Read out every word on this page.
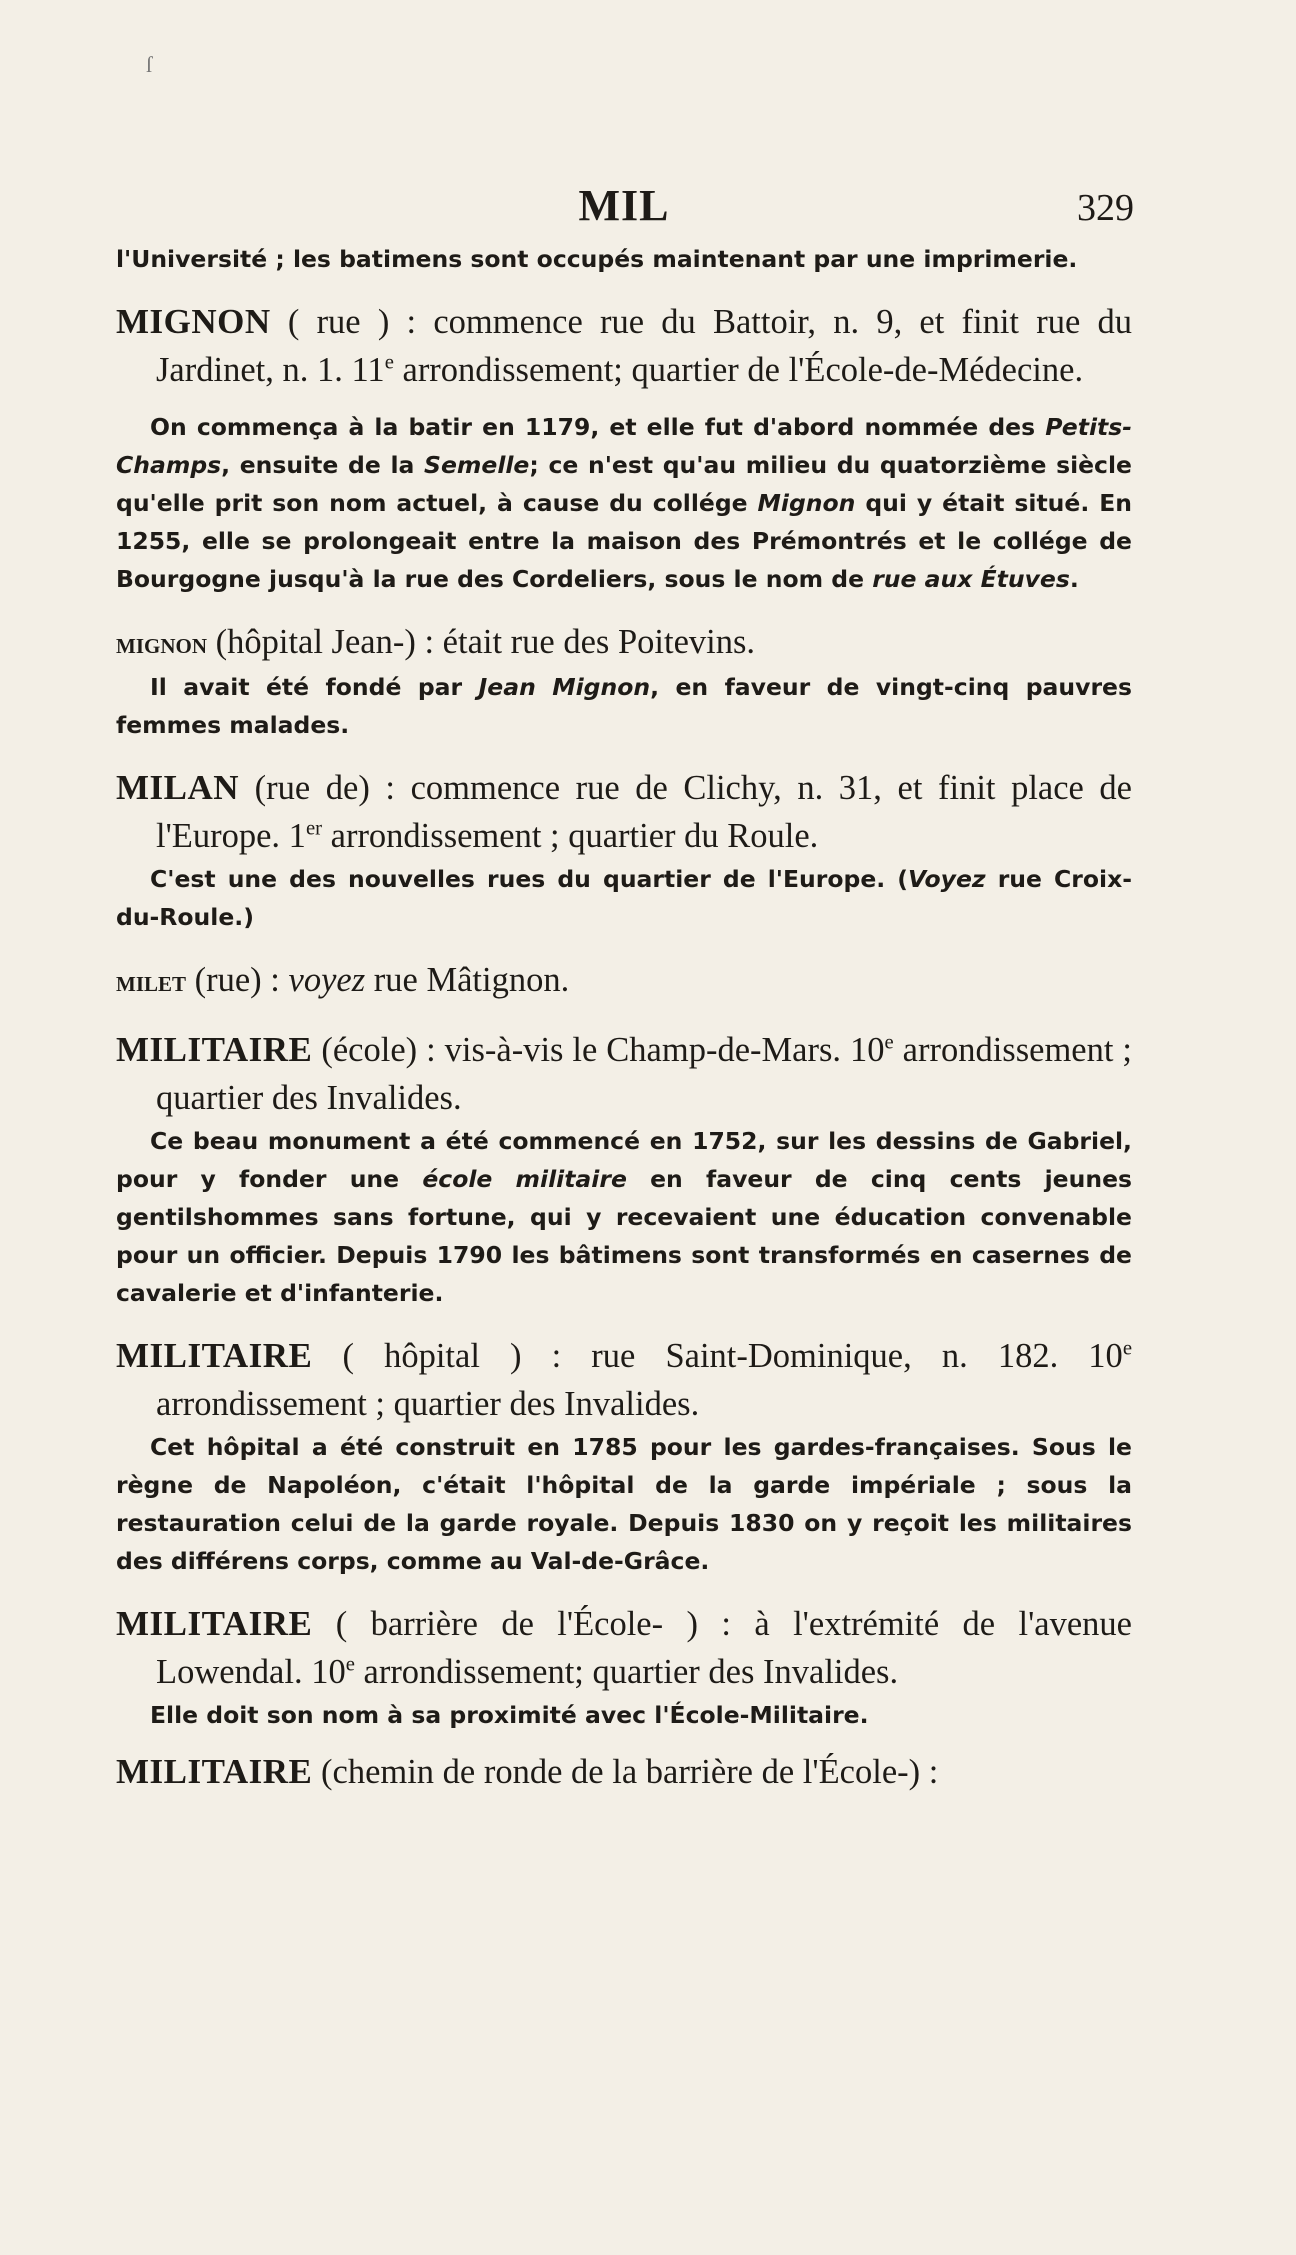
ſ
MIL	329

l'Université ; les batimens sont occupés maintenant par une imprimerie.

MIGNON ( rue ) : commence rue du Battoir, n. 9, et finit rue du Jardinet, n. 1. 11e arrondissement; quartier de l'École-de-Médecine.

On commença à la batir en 1179, et elle fut d'abord nommée des Petits-Champs, ensuite de la Semelle; ce n'est qu'au milieu du quatorzième siècle qu'elle prit son nom actuel, à cause du collége Mignon qui y était situé. En 1255, elle se prolongeait entre la maison des Prémontrés et le collége de Bourgogne jusqu'à la rue des Cordeliers, sous le nom de rue aux Étuves.

mignon (hôpital Jean-) : était rue des Poitevins.

Il avait été fondé par Jean Mignon, en faveur de vingt-cinq pauvres femmes malades.

MILAN (rue de) : commence rue de Clichy, n. 31, et finit place de l'Europe. 1er arrondissement ; quartier du Roule.

C'est une des nouvelles rues du quartier de l'Europe. (Voyez rue Croix-du-Roule.)

milet (rue) : voyez rue Mâtignon.

MILITAIRE (école) : vis-à-vis le Champ-de-Mars. 10e arrondissement ; quartier des Invalides.

Ce beau monument a été commencé en 1752, sur les dessins de Gabriel, pour y fonder une école militaire en faveur de cinq cents jeunes gentilshommes sans fortune, qui y recevaient une éducation convenable pour un officier. Depuis 1790 les bâtimens sont transformés en casernes de cavalerie et d'infanterie.

MILITAIRE ( hôpital ) : rue Saint-Dominique, n. 182. 10e arrondissement ; quartier des Invalides.

Cet hôpital a été construit en 1785 pour les gardes-françaises. Sous le règne de Napoléon, c'était l'hôpital de la garde impériale ; sous la restauration celui de la garde royale. Depuis 1830 on y reçoit les militaires des différens corps, comme au Val-de-Grâce.

MILITAIRE ( barrière de l'École- ) : à l'extrémité de l'avenue Lowendal. 10e arrondissement; quartier des Invalides.

Elle doit son nom à sa proximité avec l'École-Militaire.

MILITAIRE (chemin de ronde de la barrière de l'École-) :
